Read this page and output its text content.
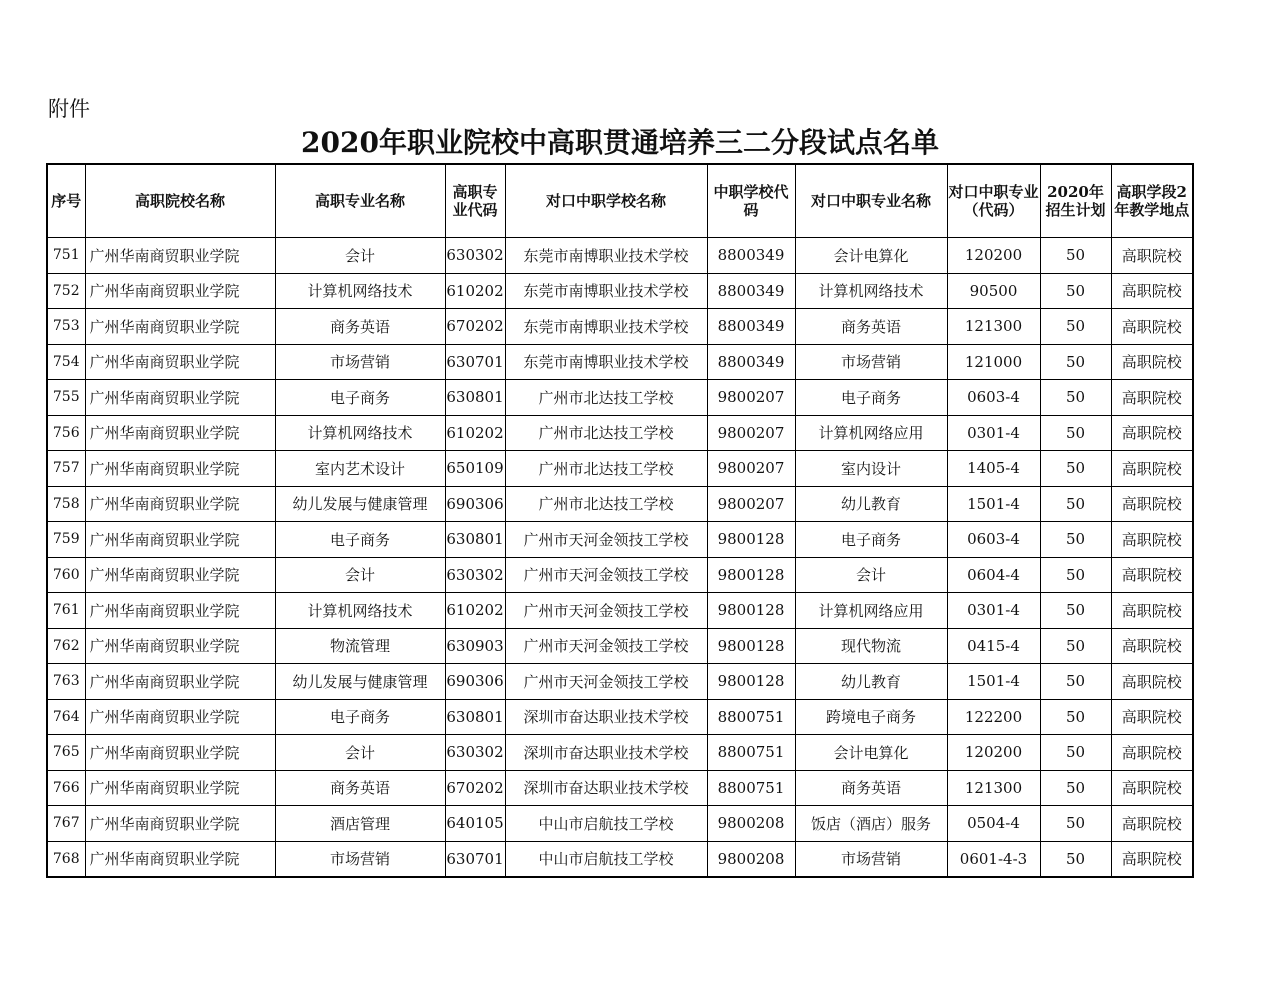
附件
2020年职业院校中高职贯通培养三二分段试点名单
序号	高职院校名称	高职专业名称	高职专业代码	对口中职学校名称	中职学校代码	对口中职专业名称	对口中职专业（代码）	2020年招生计划	高职学段2年教学地点
751	广州华南商贸职业学院	会计	630302	东莞市南博职业技术学校	8800349	会计电算化	120200	50	高职院校
752	广州华南商贸职业学院	计算机网络技术	610202	东莞市南博职业技术学校	8800349	计算机网络技术	90500	50	高职院校
753	广州华南商贸职业学院	商务英语	670202	东莞市南博职业技术学校	8800349	商务英语	121300	50	高职院校
754	广州华南商贸职业学院	市场营销	630701	东莞市南博职业技术学校	8800349	市场营销	121000	50	高职院校
755	广州华南商贸职业学院	电子商务	630801	广州市北达技工学校	9800207	电子商务	0603-4	50	高职院校
756	广州华南商贸职业学院	计算机网络技术	610202	广州市北达技工学校	9800207	计算机网络应用	0301-4	50	高职院校
757	广州华南商贸职业学院	室内艺术设计	650109	广州市北达技工学校	9800207	室内设计	1405-4	50	高职院校
758	广州华南商贸职业学院	幼儿发展与健康管理	690306	广州市北达技工学校	9800207	幼儿教育	1501-4	50	高职院校
759	广州华南商贸职业学院	电子商务	630801	广州市天河金领技工学校	9800128	电子商务	0603-4	50	高职院校
760	广州华南商贸职业学院	会计	630302	广州市天河金领技工学校	9800128	会计	0604-4	50	高职院校
761	广州华南商贸职业学院	计算机网络技术	610202	广州市天河金领技工学校	9800128	计算机网络应用	0301-4	50	高职院校
762	广州华南商贸职业学院	物流管理	630903	广州市天河金领技工学校	9800128	现代物流	0415-4	50	高职院校
763	广州华南商贸职业学院	幼儿发展与健康管理	690306	广州市天河金领技工学校	9800128	幼儿教育	1501-4	50	高职院校
764	广州华南商贸职业学院	电子商务	630801	深圳市奋达职业技术学校	8800751	跨境电子商务	122200	50	高职院校
765	广州华南商贸职业学院	会计	630302	深圳市奋达职业技术学校	8800751	会计电算化	120200	50	高职院校
766	广州华南商贸职业学院	商务英语	670202	深圳市奋达职业技术学校	8800751	商务英语	121300	50	高职院校
767	广州华南商贸职业学院	酒店管理	640105	中山市启航技工学校	9800208	饭店（酒店）服务	0504-4	50	高职院校
768	广州华南商贸职业学院	市场营销	630701	中山市启航技工学校	9800208	市场营销	0601-4-3	50	高职院校
